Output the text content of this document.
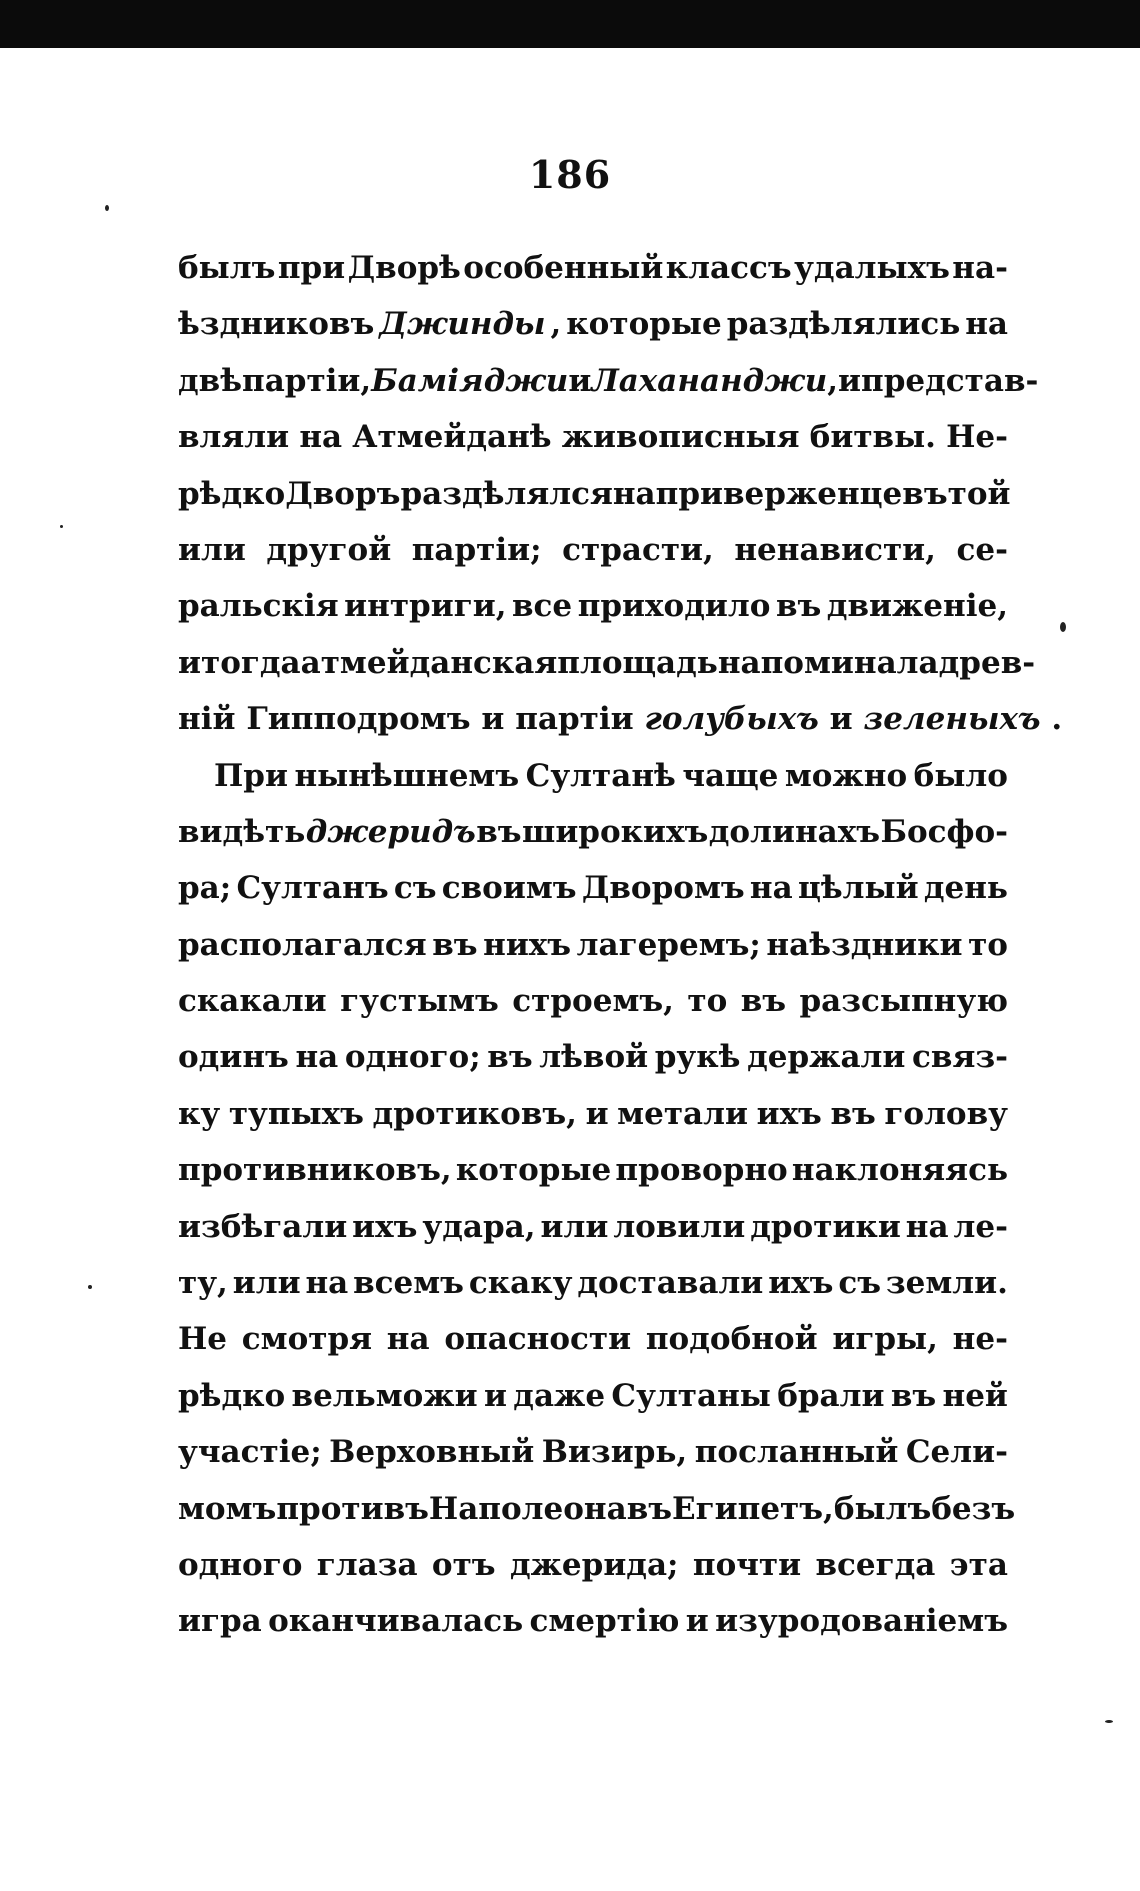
186
былъ при Дворѣ особенный классъ удалыхъ на-
ѣздниковъ Джинды , которые раздѣлялись на
двѣ партіи, Баміяджи и Лахананджи , и представ-
вляли на Атмейданѣ живописныя битвы. Не-
рѣдко Дворъ раздѣлялся на приверженцевъ той
или другой партіи; страсти, ненависти, се-
ральскія интриги, все приходило въ движеніе,
и тогда атмейданская площадь напоминала древ-
ній Гипподромъ и партіи голубыхъ и зеленыхъ .
При нынѣшнемъ Султанѣ чаще можно было
видѣть джеридъ въ широкихъ долинахъ Босфо-
ра; Султанъ съ своимъ Дворомъ на цѣлый день
располагался въ нихъ лагеремъ; наѣздники то
скакали густымъ строемъ, то въ разсыпную
одинъ на одного; въ лѣвой рукѣ держали связ-
ку тупыхъ дротиковъ, и метали ихъ въ голову
противниковъ, которые проворно наклоняясь
избѣгали ихъ удара, или ловили дротики на ле-
ту, или на всемъ скаку доставали ихъ съ земли.
Не смотря на опасности подобной игры, не-
рѣдко вельможи и даже Султаны брали въ ней
участіе; Верховный Визирь, посланный Сели-
момъ противъ Наполеона въ Египетъ, былъ безъ
одного глаза отъ джерида; почти всегда эта
игра оканчивалась смертію и изуродованіемъ
